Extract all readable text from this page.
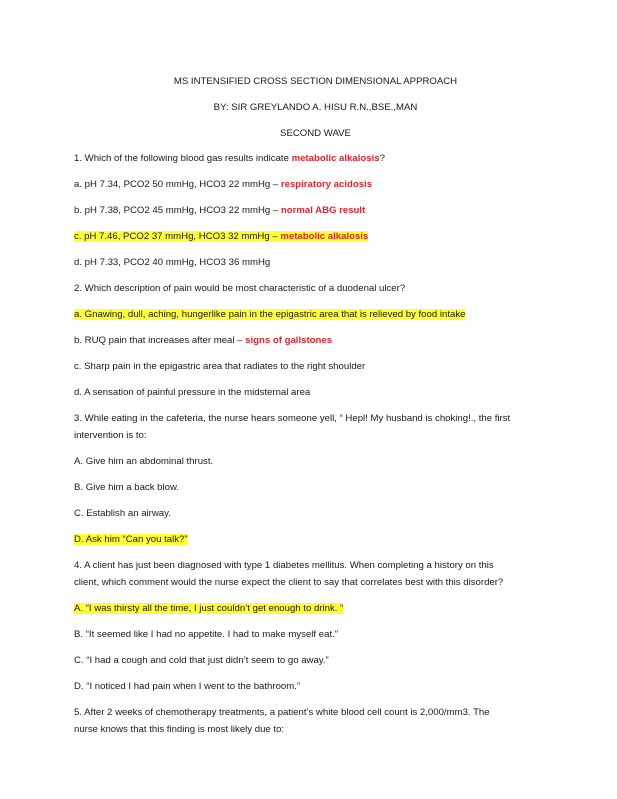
MS INTENSIFIED CROSS SECTION DIMENSIONAL APPROACH

BY: SIR GREYLANDO A. HISU R.N.,BSE.,MAN

SECOND WAVE

1. Which of the following blood gas results indicate metabolic alkalosis?

a. pH 7.34, PCO2 50 mmHg, HCO3 22 mmHg – respiratory acidosis

b. pH 7.38, PCO2 45 mmHg, HCO3 22 mmHg – normal ABG result

c. pH 7.46, PCO2 37 mmHg, HCO3 32 mmHg – metabolic alkalosis

d. pH 7.33, PCO2 40 mmHg, HCO3 36 mmHg

2. Which description of pain would be most characteristic of a duodenal ulcer?

a. Gnawing, dull, aching, hungerlike pain in the epigastric area that is relieved by food intake

b. RUQ pain that increases after meal – signs of gallstones

c. Sharp pain in the epigastric area that radiates to the right shoulder

d. A sensation of painful pressure in the midsternal area

3. While eating in the cafeteria, the nurse hears someone yell, “ Hepl! My husband is choking!., the first

intervention is to:

A. Give him an abdominal thrust.

B. Give him a back blow.

C. Establish an airway.

D. Ask him “Can you talk?”

4. A client has just been diagnosed with type 1 diabetes mellitus. When completing a history on this

client, which comment would the nurse expect the client to say that correlates best with this disorder?

A. “I was thirsty all the time, I just couldn’t get enough to drink. “

B. “It seemed like I had no appetite. I had to make myself eat.”

C. “I had a cough and cold that just didn’t seem to go away.”

D. “I noticed I had pain when I went to the bathroom.”

5. After 2 weeks of chemotherapy treatments, a patient’s white blood cell count is 2,000/mm3. The

nurse knows that this finding is most likely due to:
